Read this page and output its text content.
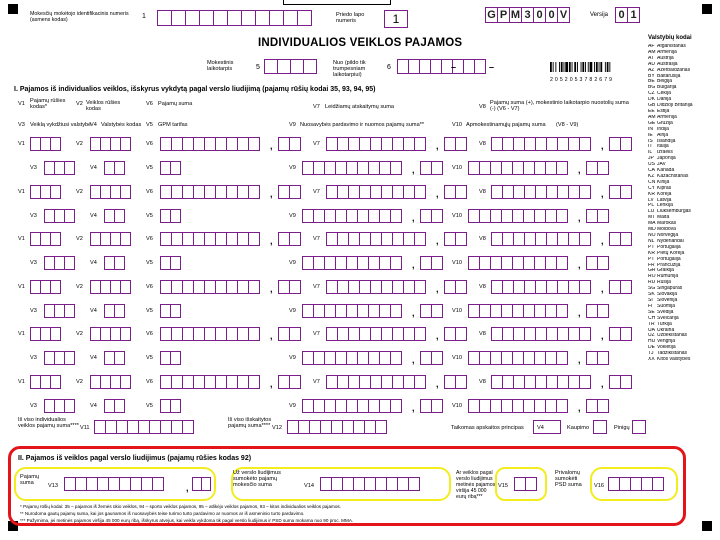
Mokesčių mokėtojo identifikacinis numeris (asmens kodas)	1	Priedo lapo numeris	1	G P M 3 0 0 V	Versija 0 1
INDIVIDUALIOS VEIKLOS PAJAMOS
Mokestinis laikotarpis	5
Nuo (pildo tik trumpesniam laikotarpiui)
6
2 0 5 2 0 5 3 7 8 2 6 7 9
I. Pajamos iš individualios veiklos, išskyrus vykdytą pagal verslo liudijimą (pajamų rūšių kodai 35, 93, 94, 95)
V1 Pajamų rūšies kodas*	V2 Veiklos rūšies kodas
V6 Pajamų suma	V7 Leidžiamų atskaitymų suma	V8
Pajamų suma (+), mokestinio laikotarpio nuostolių suma (-) (V6 - V7)
V3 Veiklą vykdžiusi valstybė
V4 Valstybės kodas V5 GPM tarifas	V9 Nuosavybės pardavimo ir nuomos pajamų suma**	V10 Apmokestinamųjų pajamų suma (V8 - V9)
V1	V2	V6	,	V7	,	V8	,
V3	V4	V5	V9	,	V10	,
V1	V2	V6	,	V7	,	V8	,
V3	V4	V5	V9	,	V10	,
V1	V2	V6	,	V7	,	V8	,
V3	V4	V5	V9	,	V10	,
V1	V2	V6	,	V7	,	V8	,
V3	V4	V5	V9	,	V10	,
V1	V2	V6	,	V7	,	V8	,
V3	V4	V5	V9	,	V10	,
V1	V2	V6	,	V7	,	V8	,
V3	V4	V5	V9	,	V10	,
Iš viso individualios veiklos pajamų suma**** V11
Iš viso išskaitytos pajamų suma**** V12	Taikomas apskaitos principas V4	Kaupimo	Pinigų
II. Pajamos iš veiklos pagal verslo liudijimus (pajamų rūšies kodas 92)
Pajamų suma	V13
Už verslo liudijimus sumokėto pajamų mokesčio suma	V14
Ar veiklos pagal verslo liudijimus metinės pajamos viršija 45 000 eurų ribą***
V15
Privalomų sumokėti PSD suma	V16
* Pajamų rūšių kodai: 35 – pajamos iš žemės ūkio veiklos, 94 – sporto veiklos pajamos, 95 – atlikėjo veiklos pajamos, 93 – kitos individualios veiklos pajamos.
** Nurodoma gautų pajamų suma, kai jos gaunamos iš nuosavybės teise turimo turto pardavimo ar nuomos ar iš asmeninio turto pardavimo.
*** Pažymima, jei metinės pajamos viršija 45 000 eurų ribą, išskyrus atvejus, kai veikla vykdoma tik pagal verslo liudijimus ir PSD suma mokama nuo 90 proc. MMA.
Valstybių kodai
AF Afganistanas
AM Armėnija
AT Austrija
AU Australija
AZ Azerbaidžanas
BY Baltarusija
BE Belgija
BG Bulgarija
CZ Čekija
DK Danija
GB Didžioji Britanija
EE Estija
AM Armėnija
GE Gruzija
IN Indija
IE Airija
IS Islandija
IT Italija
IL Izraelis
JP Japonija
US JAV
CA Kanada
KZ Kazachstanas
CN Kinija
CY Kipras
KR Korėja
LV Latvija
PL Lenkija
LU Liuksemburgas
MT Malta
MA Marokas
MDMoldova
NO Norvegija
NL Nyderlandai
PT Portugalija
KR Pietų Korėja
PT Portugalija
FR Prancūzija
GR Graikija
RO Rumunija
RU Rusija
SG Singapūras
SK Slovakija
SI Slovėnija
FI Suomija
SE Švedija
CH Šveicarija
TR Turkija
UA Ukraina
UZ Uzbekistanas
HU Vengrija
DE Vokietija
TJ Tadžikistanas
XX Kitos valstybės
–	–
,
